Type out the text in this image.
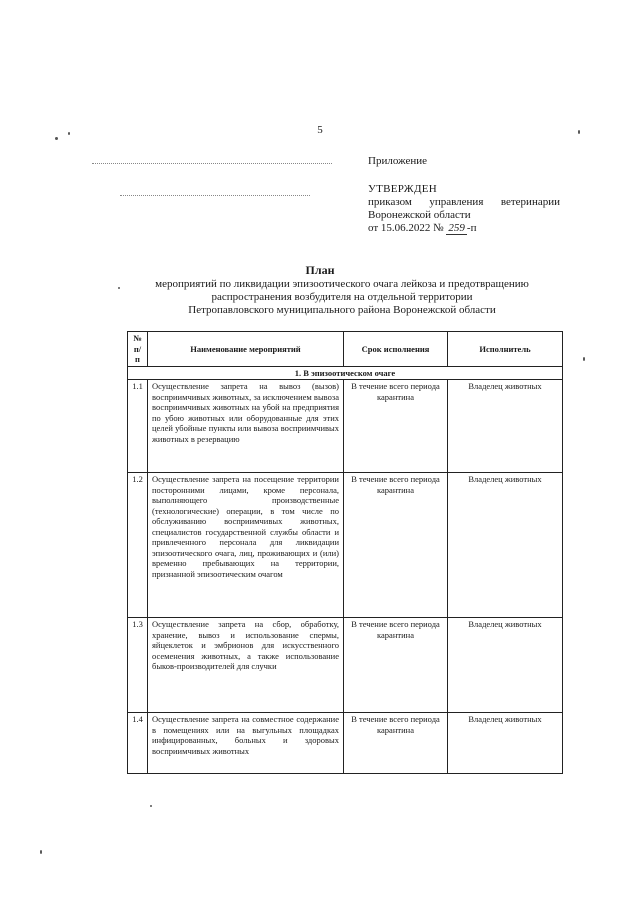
5
Приложение
УТВЕРЖДЕН
приказом управления ветеринарии
Воронежской области
от 15.06.2022 № 259 -п
План
мероприятий по ликвидации эпизоотического очага лейкоза и предотвращению
распространения возбудителя на отдельной территории
Петропавловского муниципального района Воронежской области
№ п/п	Наименование мероприятий	Срок исполнения	Исполнитель
1. В эпизоотическом очаге			
1.1	Осуществление запрета на вывоз (вызов) восприимчивых животных, за исключением вывоза восприимчивых животных на убой на предприятия по убою животных или оборудованные для этих целей убойные пункты или вывоза восприимчивых животных в резервацию	В течение всего периода карантина	Владелец животных
1.2	Осуществление запрета на посещение территории посторонними лицами, кроме персонала, выполняющего производственные (технологические) операции, в том числе по обслуживанию восприимчивых животных, специалистов государственной службы области и привлеченного персонала для ликвидации эпизоотического очага, лиц, проживающих и (или) временно пребывающих на территории, признанной эпизоотическим очагом	В течение всего периода карантина	Владелец животных
1.3	Осуществление запрета на сбор, обработку, хранение, вывоз и использование спермы, яйцеклеток и эмбрионов для искусственного осеменения животных, а также использование быков-производителей для случки	В течение всего периода карантина	Владелец животных
1.4	Осуществление запрета на совместное содержание в помещениях или на выгульных площадках инфицированных, больных и здоровых восприимчивых животных	В течение всего периода карантина	Владелец животных
